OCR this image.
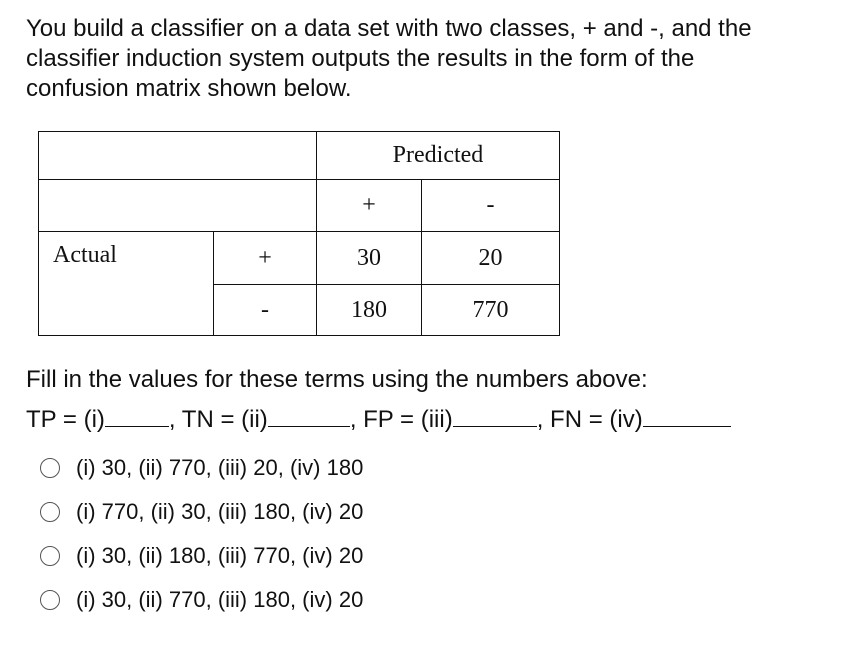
You build a classifier on a data set with two classes, + and -, and the
classifier induction system outputs the results in the form of the
confusion matrix shown below.
		Predicted	
		+	-
Actual	+	30	20
	-	180	770
Fill in the values for these terms using the numbers above:
TP = (i)	, TN = (ii)	, FP = (iii)	, FN = (iv)
(i) 30, (ii) 770, (iii) 20, (iv) 180
(i) 770, (ii) 30, (iii) 180, (iv) 20
(i) 30, (ii) 180, (iii) 770, (iv) 20
(i) 30, (ii) 770, (iii) 180, (iv) 20
